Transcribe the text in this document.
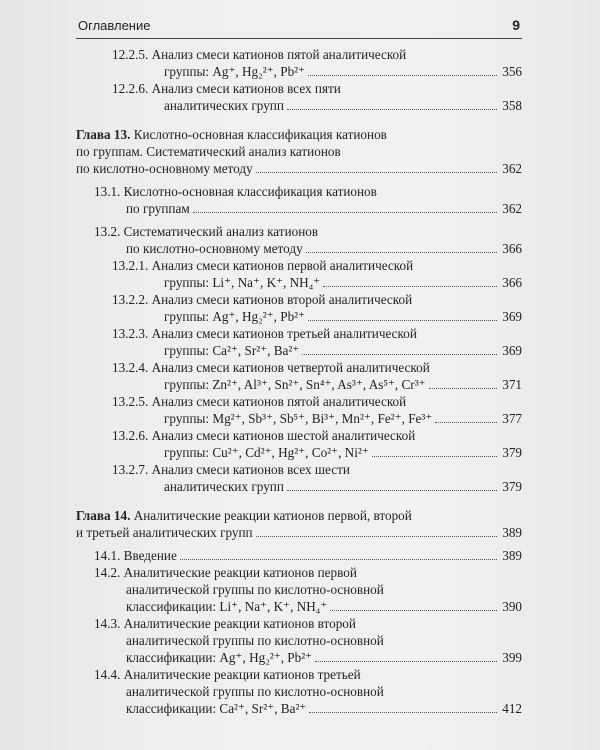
Оглавление	9
12.2.5. Анализ смеси катионов пятой аналитической
группы: Ag⁺, Hg₂²⁺, Pb²⁺	356
12.2.6. Анализ смеси катионов всех пяти
аналитических групп	358
Глава 13. Кислотно-основная классификация катионов
по группам. Систематический анализ катионов
по кислотно-основному методу	362
13.1. Кислотно-основная классификация катионов
по группам	362
13.2. Систематический анализ катионов
по кислотно-основному методу	366
13.2.1. Анализ смеси катионов первой аналитической
группы: Li⁺, Na⁺, K⁺, NH₄⁺	366
13.2.2. Анализ смеси катионов второй аналитической
группы: Ag⁺, Hg₂²⁺, Pb²⁺	369
13.2.3. Анализ смеси катионов третьей аналитической
группы: Ca²⁺, Sr²⁺, Ba²⁺	369
13.2.4. Анализ смеси катионов четвертой аналитической
группы: Zn²⁺, Al³⁺, Sn²⁺, Sn⁴⁺, As³⁺, As⁵⁺, Cr³⁺	371
13.2.5. Анализ смеси катионов пятой аналитической
группы: Mg²⁺, Sb³⁺, Sb⁵⁺, Bi³⁺, Mn²⁺, Fe²⁺, Fe³⁺	377
13.2.6. Анализ смеси катионов шестой аналитической
группы: Cu²⁺, Cd²⁺, Hg²⁺, Co²⁺, Ni²⁺	379
13.2.7. Анализ смеси катионов всех шести
аналитических групп	379
Глава 14. Аналитические реакции катионов первой, второй
и третьей аналитических групп	389
14.1. Введение	389
14.2. Аналитические реакции катионов первой
аналитической группы по кислотно-основной
классификации: Li⁺, Na⁺, K⁺, NH₄⁺	390
14.3. Аналитические реакции катионов второй
аналитической группы по кислотно-основной
классификации: Ag⁺, Hg₂²⁺, Pb²⁺	399
14.4. Аналитические реакции катионов третьей
аналитической группы по кислотно-основной
классификации: Ca²⁺, Sr²⁺, Ba²⁺	412
